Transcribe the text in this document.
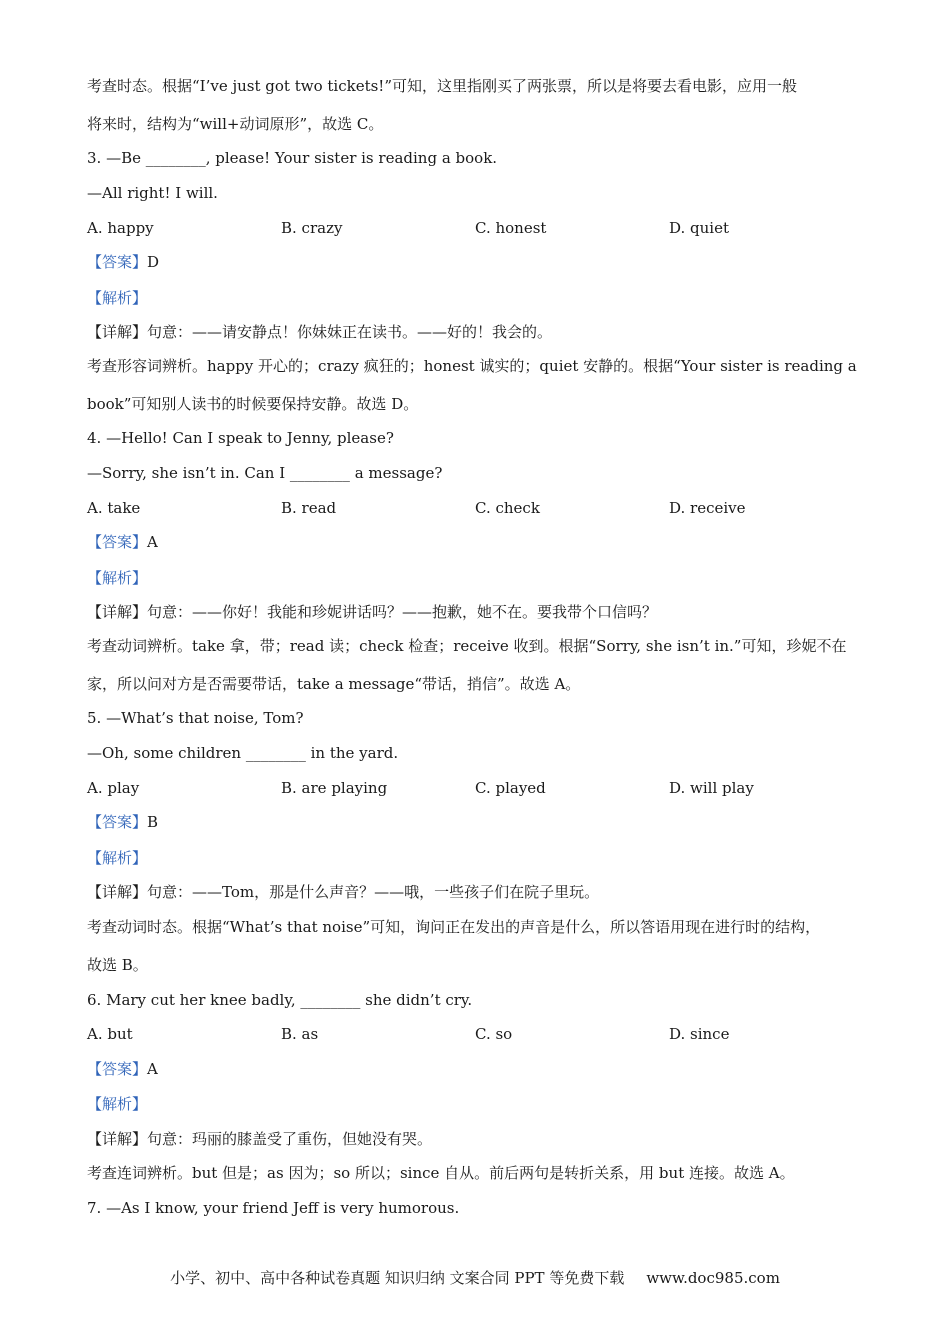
考查时态。根据“I’ve just got two tickets!”可知，这里指刚买了两张票，所以是将要去看电影，应用一般
将来时，结构为“will+动词原形”，故选 C。
3. —Be ________, please! Your sister is reading a book.
—All right! I will.
A. happy	B. crazy	C. honest	D. quiet
【答案】D
【解析】
【详解】句意：——请安静点！你妹妹正在读书。——好的！我会的。
考查形容词辨析。happy 开心的；crazy 疯狂的；honest 诚实的；quiet 安静的。根据“Your sister is reading a
book”可知别人读书的时候要保持安静。故选 D。
4. —Hello! Can I speak to Jenny, please?
—Sorry, she isn’t in. Can I ________ a message?
A. take	B. read	C. check	D. receive
【答案】A
【解析】
【详解】句意：——你好！我能和珍妮讲话吗？——抱歉，她不在。要我带个口信吗？
考查动词辨析。take 拿，带；read 读；check 检查；receive 收到。根据“Sorry, she isn’t in.”可知，珍妮不在
家，所以问对方是否需要带话，take a message“带话，捎信”。故选 A。
5. —What’s that noise, Tom?
—Oh, some children ________ in the yard.
A. play	B. are playing	C. played	D. will play
【答案】B
【解析】
【详解】句意：——Tom，那是什么声音？——哦，一些孩子们在院子里玩。
考查动词时态。根据“What’s that noise”可知，询问正在发出的声音是什么，所以答语用现在进行时的结构，
故选 B。
6. Mary cut her knee badly, ________ she didn’t cry.
A. but	B. as	C. so	D. since
【答案】A
【解析】
【详解】句意：玛丽的膝盖受了重伤，但她没有哭。
考查连词辨析。but 但是；as 因为；so 所以；since 自从。前后两句是转折关系，用 but 连接。故选 A。
7. —As I know, your friend Jeff is very humorous.
小学、初中、高中各种试卷真题 知识归纳 文案合同 PPT 等免费下载 www.doc985.com
